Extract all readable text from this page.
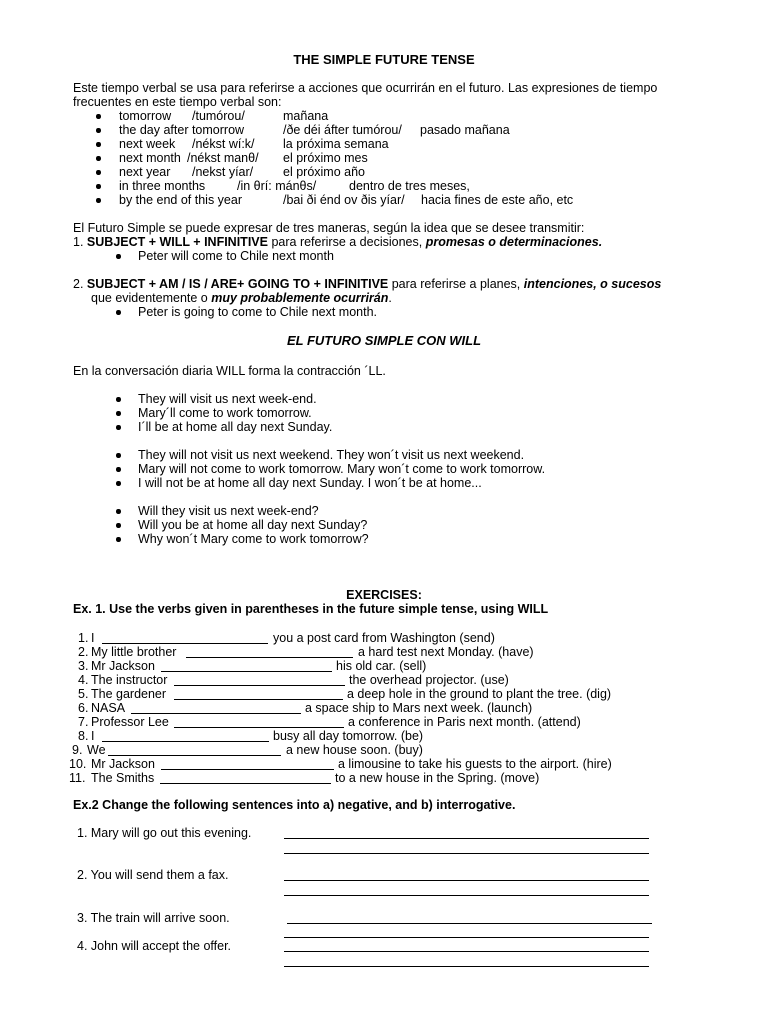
THE SIMPLE FUTURE TENSE
Este tiempo verbal se usa para referirse a acciones que ocurrirán en el futuro. Las expresiones de tiempo
frecuentes en este tiempo verbal son:
tomorrow /tumórou/	mañana
the day after tomorrow	/ðe déi áfter tumórou/ pasado mañana
next week /nékst wí:k/ la próxima semana
next month /nékst manθ/ el próximo mes
next year /nekst yíar/ el próximo año
in three months	/in θrí: mánθs/	dentro de tres meses,
by the end of this year	/bai ði énd ov ðis yíar/ hacia fines de este año, etc
El Futuro Simple se puede expresar de tres maneras, según la idea que se desee transmitir:
1. SUBJECT + WILL + INFINITIVE para referirse a decisiones, promesas o determinaciones.
Peter will come to Chile next month
2. SUBJECT + AM / IS / ARE+ GOING TO + INFINITIVE para referirse a planes, intenciones, o sucesos
que evidentemente o muy probablemente ocurrirán.
Peter is going to come to Chile next month.
EL FUTURO SIMPLE CON WILL
En la conversación diaria WILL forma la contracción ´LL.
They will visit us next week-end.
Mary´ll come to work tomorrow.
I´ll be at home all day next Sunday.
They will not visit us next weekend. They won´t visit us next weekend.
Mary will not come to work tomorrow. Mary won´t come to work tomorrow.
I will not be at home all day next Sunday. I won´t be at home...
Will they visit us next week-end?
Will you be at home all day next Sunday?
Why won´t Mary come to work tomorrow?
EXERCISES:
Ex. 1. Use the verbs given in parentheses in the future simple tense, using WILL
1. I	you a post card from Washington (send)
2. My little brother	a hard test next Monday. (have)
3. Mr Jackson	his old car. (sell)
4. The instructor	the overhead projector. (use)
5. The gardener	a deep hole in the ground to plant the tree. (dig)
6. NASA	a space ship to Mars next week. (launch)
7. Professor Lee	a conference in Paris next month. (attend)
8. I	busy all day tomorrow. (be)
9. We	a new house soon. (buy)
10. Mr Jackson	a limousine to take his guests to the airport. (hire)
11. The Smiths	to a new house in the Spring. (move)
Ex.2 Change the following sentences into a) negative, and b) interrogative.
1. Mary will go out this evening.
2. You will send them a fax.
3. The train will arrive soon.
4. John will accept the offer.
